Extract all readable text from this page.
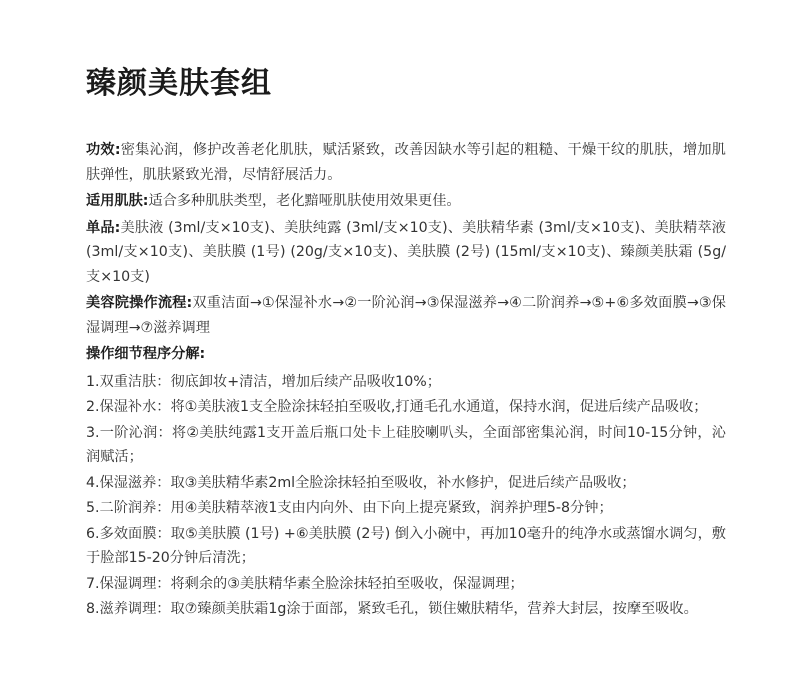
臻颜美肤套组

功效:密集沁润，修护改善老化肌肤，赋活紧致，改善因缺水等引起的粗糙、干燥干纹的肌肤，增加肌肤弹性，肌肤紧致光滑，尽情舒展活力。

适用肌肤:适合多种肌肤类型，老化黯哑肌肤使用效果更佳。

单品:美肤液 (3ml/支×10支)、美肤纯露 (3ml/支×10支)、美肤精华素 (3ml/支×10支)、美肤精萃液 (3ml/支×10支)、美肤膜 (1号) (20g/支×10支)、美肤膜 (2号) (15ml/支×10支)、臻颜美肤霜 (5g/支×10支)

美容院操作流程:双重洁面→①保湿补水→②一阶沁润→③保湿滋养→④二阶润养→⑤+⑥多效面膜→③保湿调理→⑦滋养调理

操作细节程序分解:

1.双重洁肤：彻底卸妆+清洁，增加后续产品吸收10%；

2.保湿补水：将①美肤液1支全脸涂抹轻拍至吸收,打通毛孔水通道，保持水润，促进后续产品吸收；

3.一阶沁润：将②美肤纯露1支开盖后瓶口处卡上硅胶喇叭头，全面部密集沁润，时间10-15分钟，沁润赋活；

4.保湿滋养：取③美肤精华素2ml全脸涂抹轻拍至吸收，补水修护，促进后续产品吸收；

5.二阶润养：用④美肤精萃液1支由内向外、由下向上提亮紧致，润养护理5-8分钟；

6.多效面膜：取⑤美肤膜 (1号) +⑥美肤膜 (2号) 倒入小碗中，再加10毫升的纯净水或蒸馏水调匀，敷于脸部15-20分钟后清洗；

7.保湿调理：将剩余的③美肤精华素全脸涂抹轻拍至吸收，保湿调理；

8.滋养调理：取⑦臻颜美肤霜1g涂于面部，紧致毛孔，锁住嫩肤精华，营养大封层，按摩至吸收。
